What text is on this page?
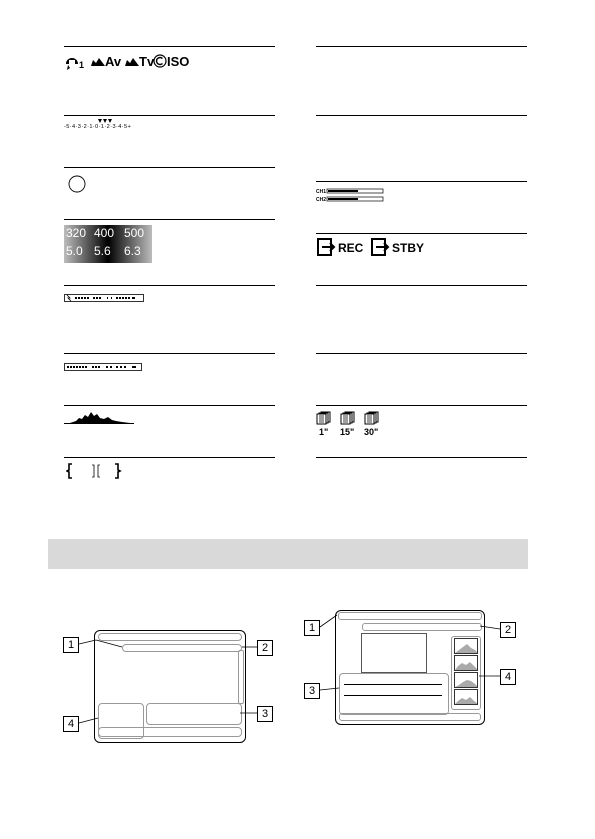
1 Av Tv ISO
-5·4·3·2·1·0·1·2·3·4·5+
320 400 500
5.0 5.6 6.3
CH1
CH2
REC STBY
1" 15" 30"
1	2
3
4
1	2
3
4
